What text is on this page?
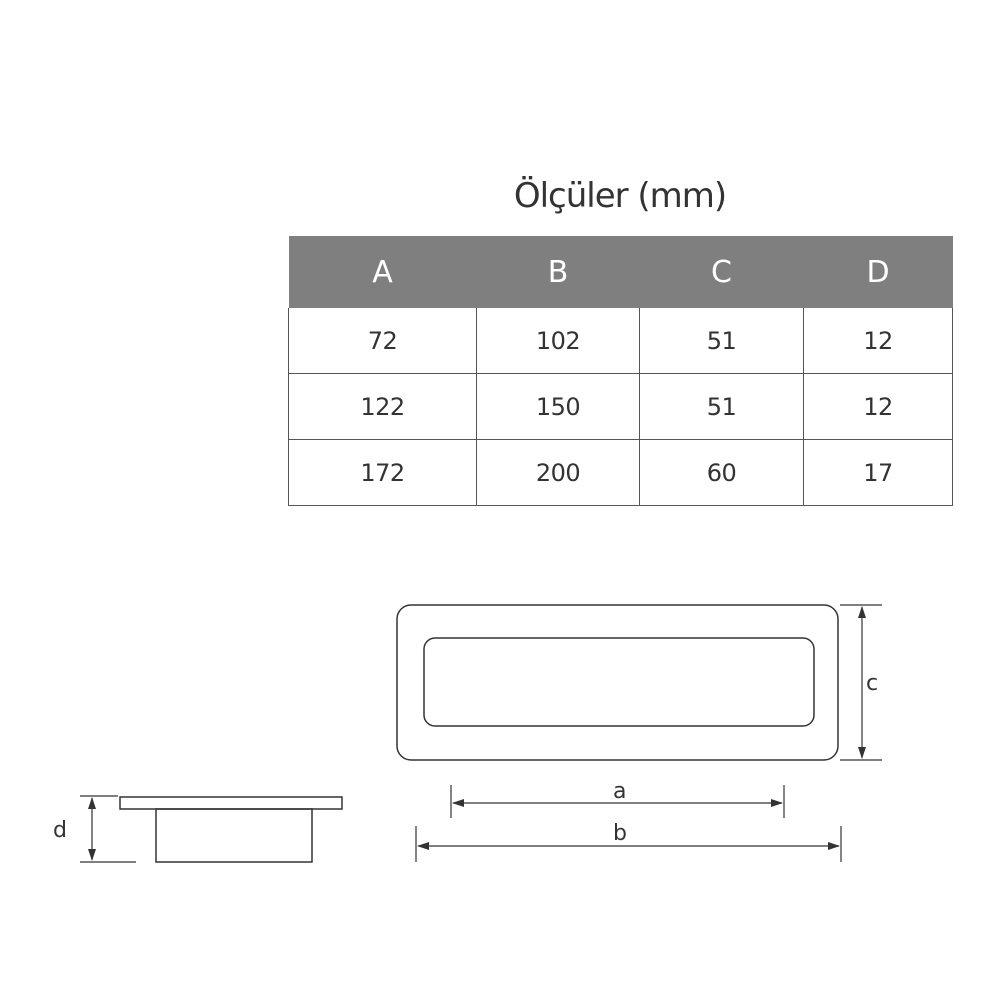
Ölçüler (mm)
A	B	C	D
72	102	51	12
122	150	51	12
172	200	60	17
d
c
a
b
